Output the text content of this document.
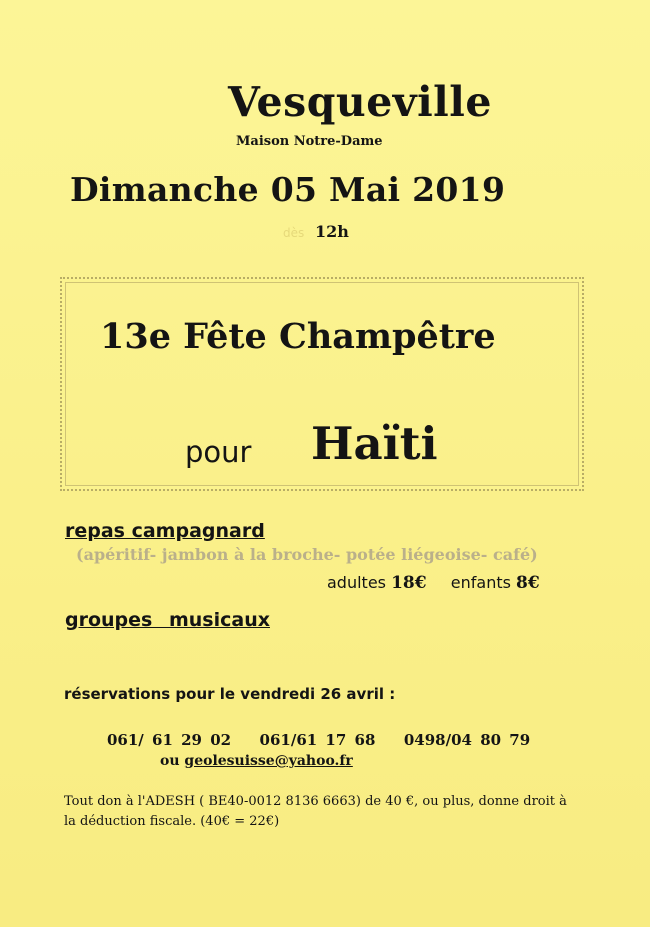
Vesqueville
Maison Notre-Dame
Dimanche 05 Mai 2019
dès 12h
13e Fête Champêtre
pour Haïti
repas campagnard
(apéritif- jambon à la broche- potée liégeoise- café)
adultes 18€ enfants 8€
groupes musicaux
réservations pour le vendredi 26 avril :
061/ 61 29 02 061/61 17 68 0498/04 80 79
ou geolesuisse@yahoo.fr
Tout don à l'ADESH ( BE40-0012 8136 6663) de 40 €, ou plus, donne droit à
la déduction fiscale. (40€ = 22€)
